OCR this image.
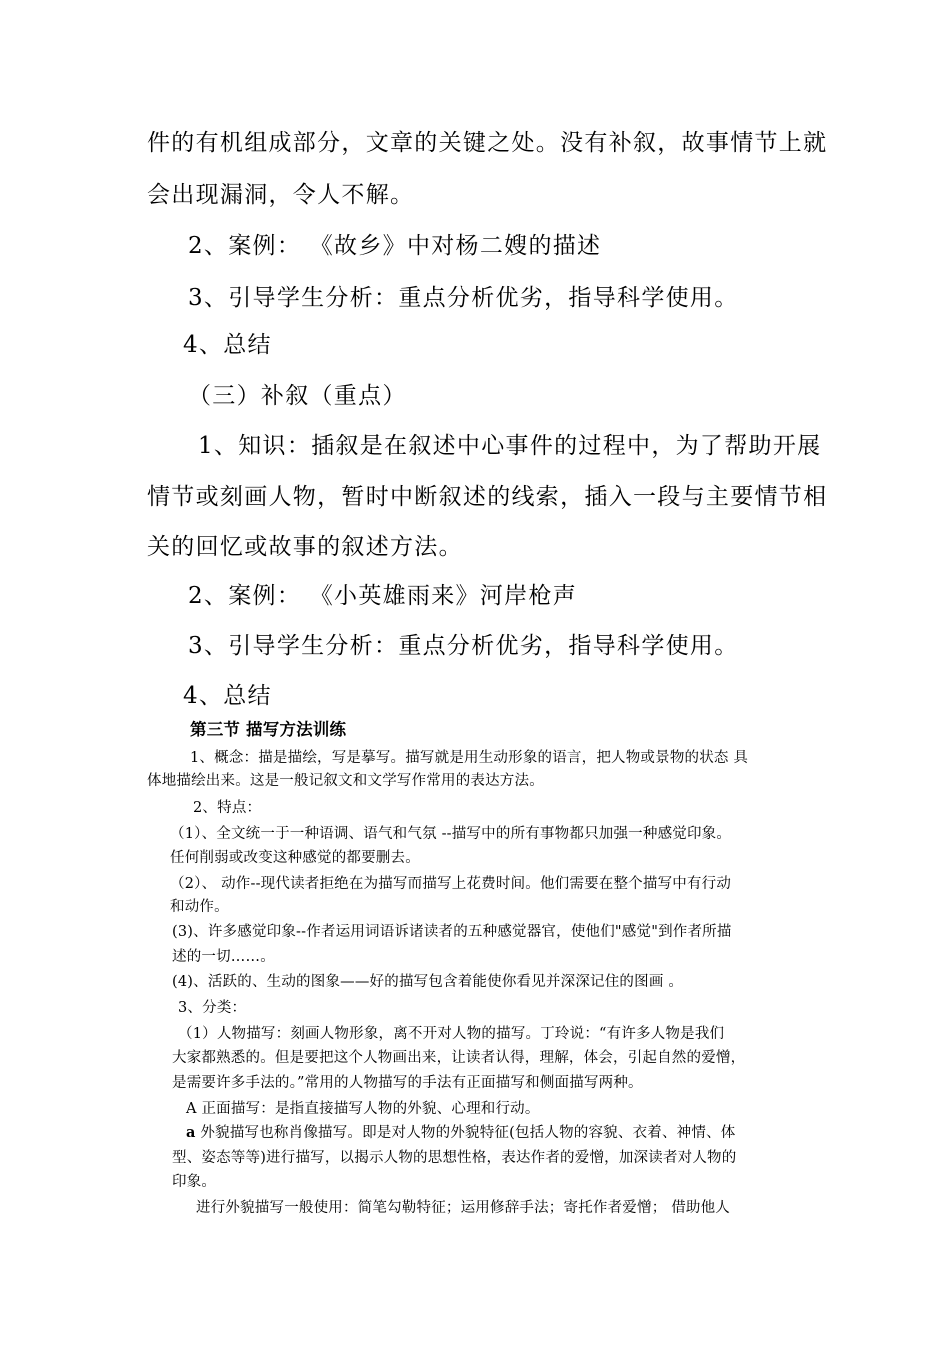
件的有机组成部分，文章的关键之处。没有补叙，故事情节上就
会出现漏洞，令人不解。
2、案例： 《故乡》中对杨二嫂的描述
3、引导学生分析：重点分析优劣，指导科学使用。
4、总结
（三）补叙（重点）
1、知识：插叙是在叙述中心事件的过程中，为了帮助开展
情节或刻画人物，暂时中断叙述的线索，插入一段与主要情节相
关的回忆或故事的叙述方法。
2、案例： 《小英雄雨来》河岸枪声
3、引导学生分析：重点分析优劣，指导科学使用。
4、总结
第三节 描写方法训练
1、概念：描是描绘，写是摹写。描写就是用生动形象的语言，把人物或景物的状态 具
体地描绘出来。这是一般记叙文和文学写作常用的表达方法。
2、特点：
（1）、全文统一于一种语调、语气和气氛 --描写中的所有事物都只加强一种感觉印象。
任何削弱或改变这种感觉的都要删去。
（2）、 动作--现代读者拒绝在为描写而描写上花费时间。他们需要在整个描写中有行动
和动作。
(3)、许多感觉印象--作者运用词语诉诸读者的五种感觉器官，使他们"感觉"到作者所描
述的一切……。
(4)、活跃的、生动的图象——好的描写包含着能使你看见并深深记住的图画 。
3、分类：
（1）人物描写：刻画人物形象，离不开对人物的描写。丁玲说：“有许多人物是我们
大家都熟悉的。但是要把这个人物画出来，让读者认得，理解，体会，引起自然的爱憎，
是需要许多手法的。”常用的人物描写的手法有正面描写和侧面描写两种。
A 正面描写：是指直接描写人物的外貌、心理和行动。
a 外貌描写也称肖像描写。即是对人物的外貌特征(包括人物的容貌、衣着、神情、体
型、姿态等等)进行描写，以揭示人物的思想性格，表达作者的爱憎，加深读者对人物的
印象。
进行外貌描写一般使用：简笔勾勒特征；运用修辞手法；寄托作者爱憎； 借助他人
